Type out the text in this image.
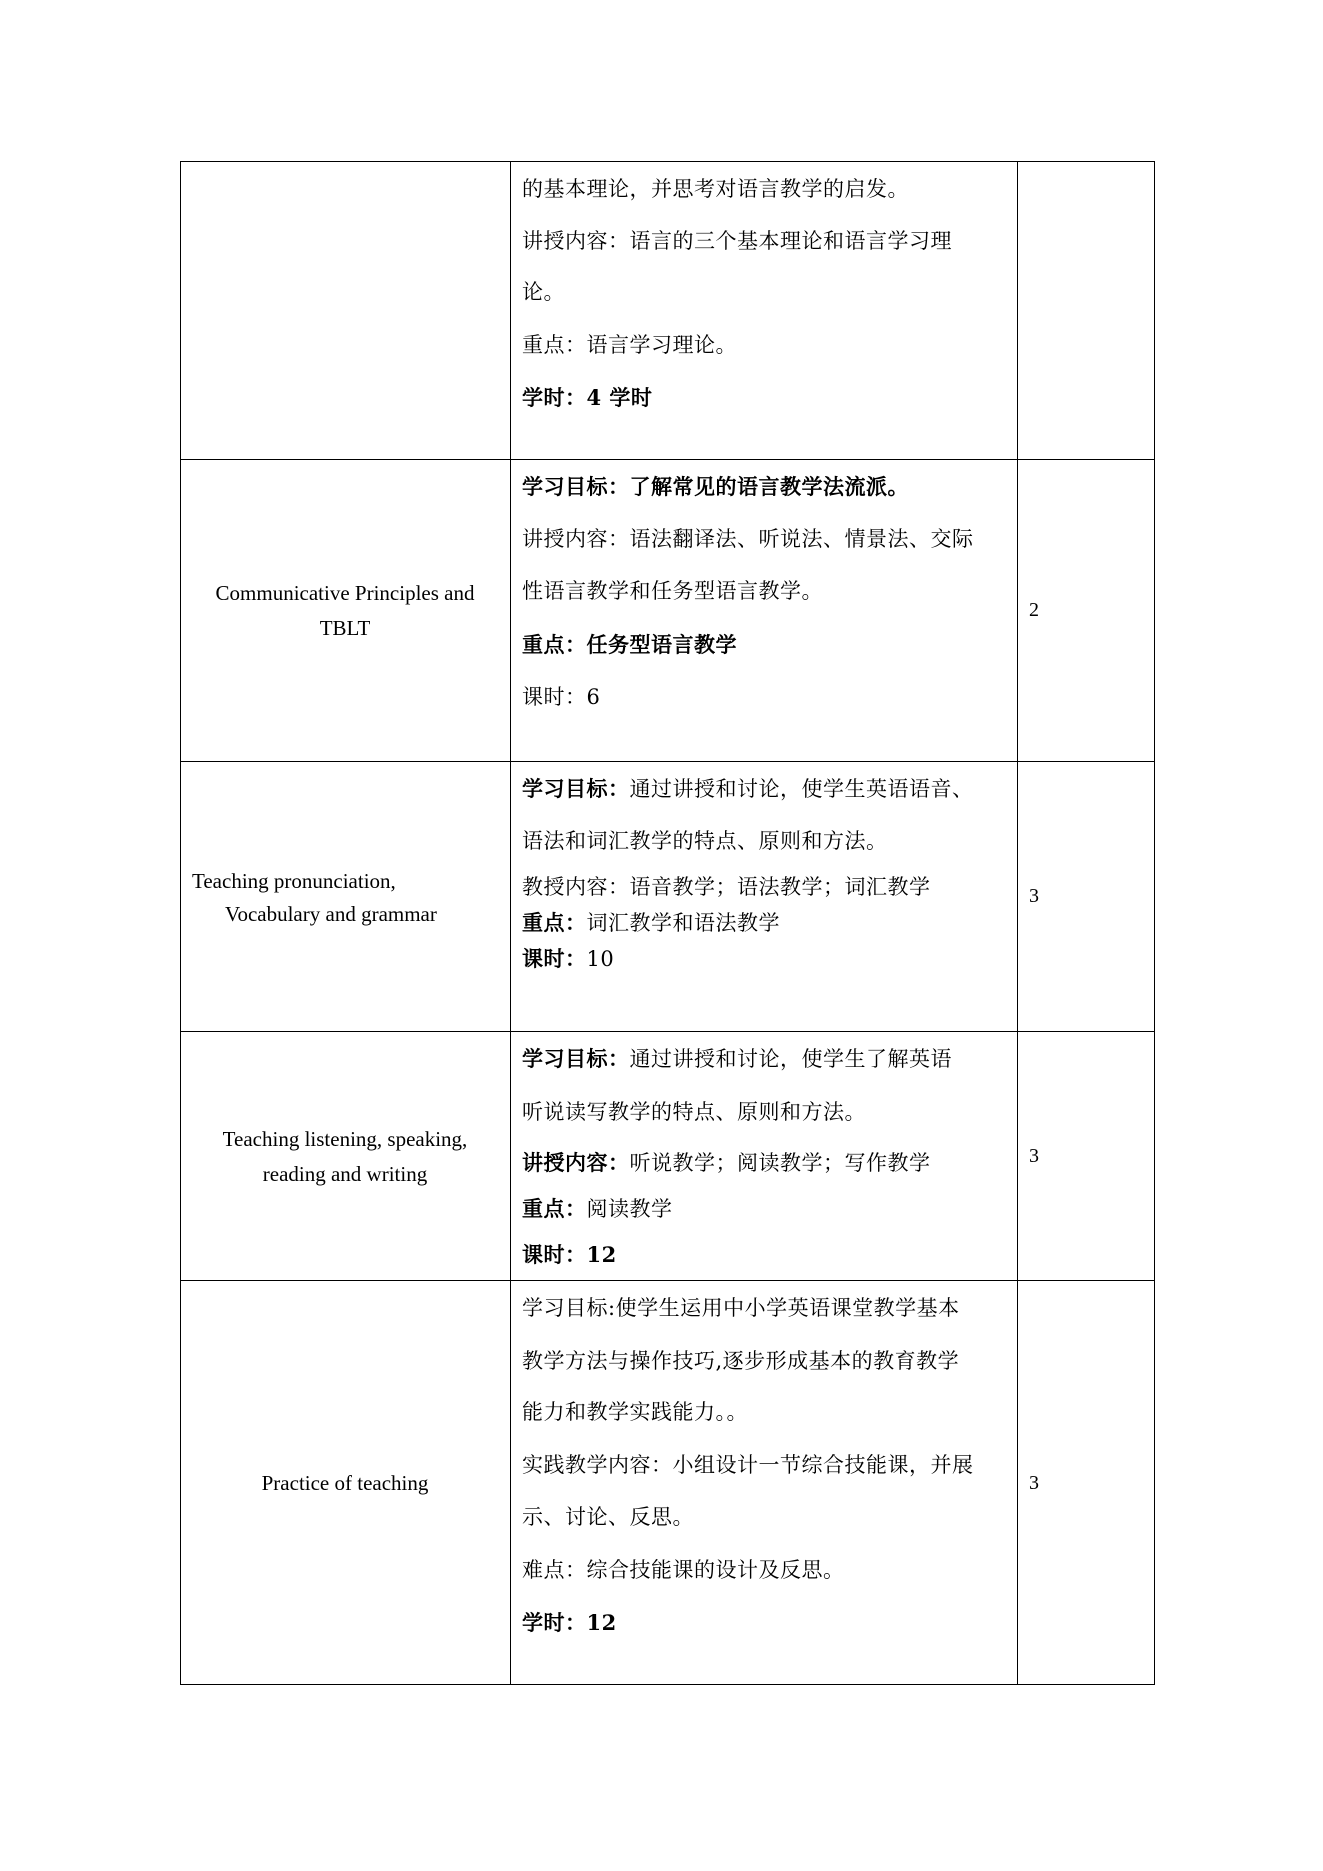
的基本理论，并思考对语言教学的启发。
讲授内容：语言的三个基本理论和语言学习理
论。
重点：语言学习理论。
学时：4 学时
学习目标：了解常见的语言教学法流派。
讲授内容：语法翻译法、听说法、情景法、交际
性语言教学和任务型语言教学。
重点：任务型语言教学
课时：6
Communicative Principles and
TBLT
2
学习目标：通过讲授和讨论，使学生英语语音、
语法和词汇教学的特点、原则和方法。
教授内容：语音教学；语法教学；词汇教学
重点：词汇教学和语法教学
课时：10
Teaching pronunciation,
Vocabulary and grammar
3
学习目标：通过讲授和讨论，使学生了解英语
听说读写教学的特点、原则和方法。
讲授内容：听说教学；阅读教学；写作教学
重点：阅读教学
课时：12
Teaching listening, speaking,
reading and writing
3
学习目标:使学生运用中小学英语课堂教学基本
教学方法与操作技巧,逐步形成基本的教育教学
能力和教学实践能力。。
实践教学内容：小组设计一节综合技能课，并展
示、讨论、反思。
难点：综合技能课的设计及反思。
学时：12
Practice of teaching	3
